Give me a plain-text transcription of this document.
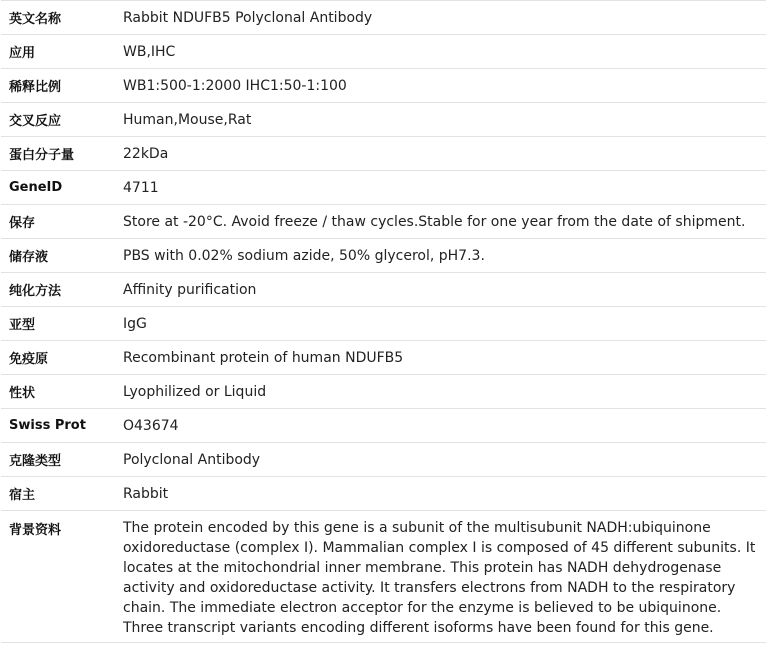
英文名称	Rabbit NDUFB5 Polyclonal Antibody
应用	WB,IHC
稀释比例	WB1:500-1:2000 IHC1:50-1:100
交叉反应	Human,Mouse,Rat
蛋白分子量	22kDa
GeneID	4711
保存	Store at -20°C. Avoid freeze / thaw cycles.Stable for one year from the date of shipment.
储存液	PBS with 0.02% sodium azide, 50% glycerol, pH7.3.
纯化方法	Affinity purification
亚型	IgG
免疫原	Recombinant protein of human NDUFB5
性状	Lyophilized or Liquid
Swiss Prot	O43674
克隆类型	Polyclonal Antibody
宿主	Rabbit
背景资料	The protein encoded by this gene is a subunit of the multisubunit NADH:ubiquinone oxidoreductase (complex I). Mammalian complex I is composed of 45 different subunits. It locates at the mitochondrial inner membrane. This protein has NADH dehydrogenase activity and oxidoreductase activity. It transfers electrons from NADH to the respiratory chain. The immediate electron acceptor for the enzyme is believed to be ubiquinone. Three transcript variants encoding different isoforms have been found for this gene.
